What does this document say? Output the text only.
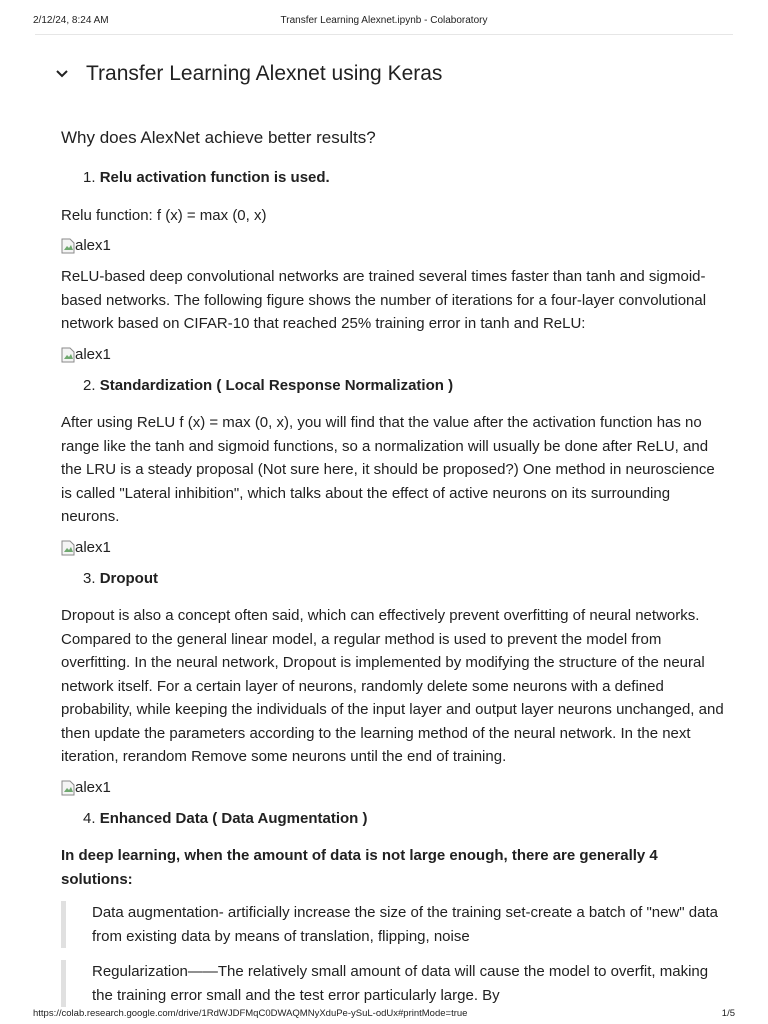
2/12/24, 8:24 AM	Transfer Learning Alexnet.ipynb - Colaboratory
Transfer Learning Alexnet using Keras

Why does AlexNet achieve better results?

1. Relu activation function is used.

Relu function: f (x) = max (0, x)

alex1

ReLU-based deep convolutional networks are trained several times faster than tanh and sigmoid-based networks. The following figure shows the number of iterations for a four-layer convolutional network based on CIFAR-10 that reached 25% training error in tanh and ReLU:

alex1

2. Standardization ( Local Response Normalization )

After using ReLU f (x) = max (0, x), you will find that the value after the activation function has no range like the tanh and sigmoid functions, so a normalization will usually be done after ReLU, and the LRU is a steady proposal (Not sure here, it should be proposed?) One method in neuroscience is called "Lateral inhibition", which talks about the effect of active neurons on its surrounding neurons.

alex1

3. Dropout

Dropout is also a concept often said, which can effectively prevent overfitting of neural networks. Compared to the general linear model, a regular method is used to prevent the model from overfitting. In the neural network, Dropout is implemented by modifying the structure of the neural network itself. For a certain layer of neurons, randomly delete some neurons with a defined probability, while keeping the individuals of the input layer and output layer neurons unchanged, and then update the parameters according to the learning method of the neural network. In the next iteration, rerandom Remove some neurons until the end of training.

alex1

4. Enhanced Data ( Data Augmentation )

In deep learning, when the amount of data is not large enough, there are generally 4 solutions:

Data augmentation- artificially increase the size of the training set-create a batch of "new" data from existing data by means of translation, flipping, noise
Regularization——The relatively small amount of data will cause the model to overfit, making the training error small and the test error particularly large. By
https://colab.research.google.com/drive/1RdWJDFMqC0DWAQMNyXduPe-ySuL-odUx#printMode=true	1/5
